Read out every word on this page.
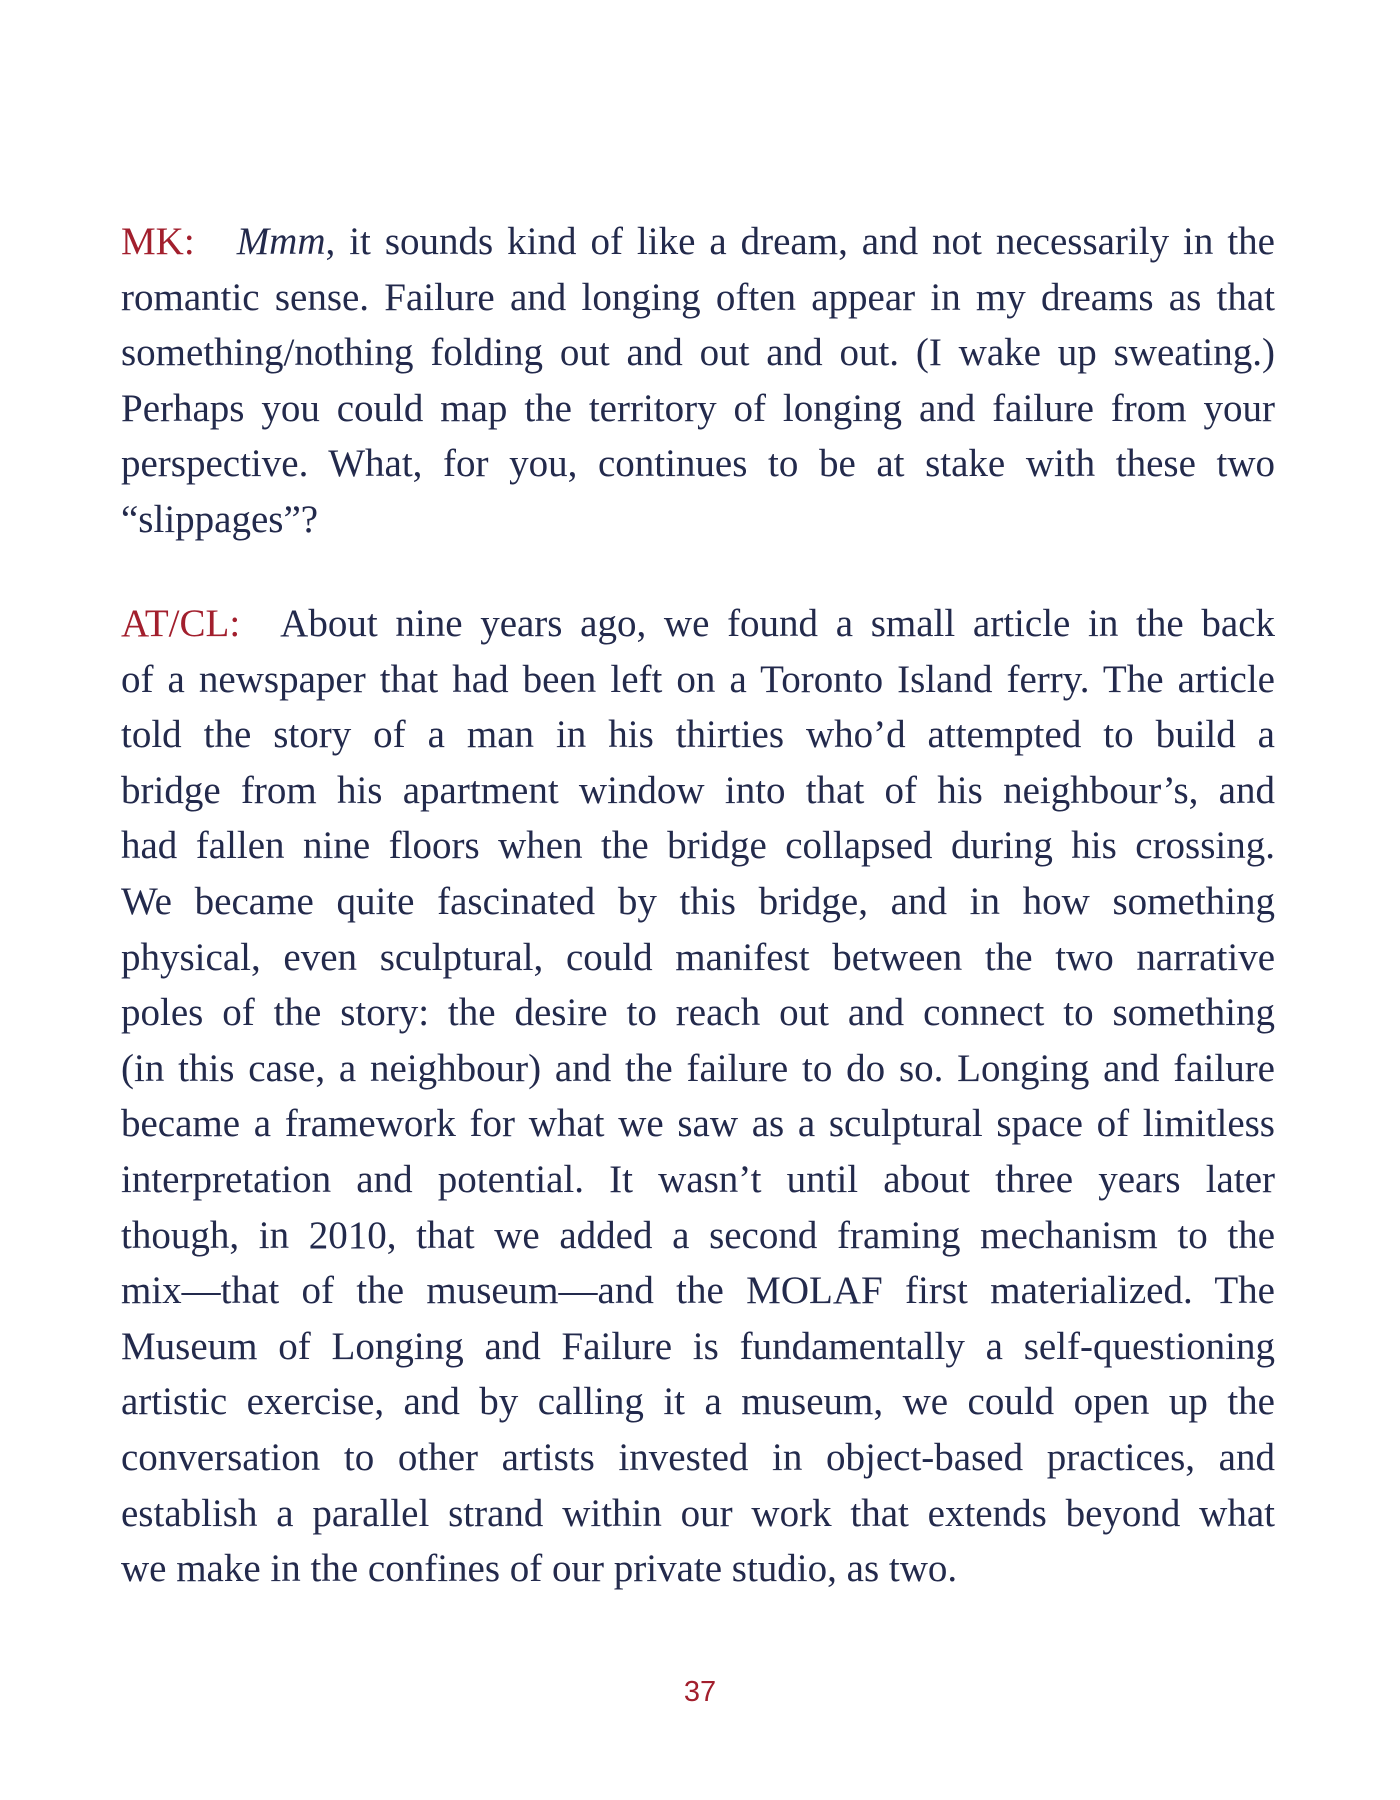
MK: Mmm, it sounds kind of like a dream, and not necessarily in the
romantic sense. Failure and longing often appear in my dreams as that
something/nothing folding out and out and out. (I wake up sweating.)
Perhaps you could map the territory of longing and failure from your
perspective. What, for you, continues to be at stake with these two
“slippages”?
AT/CL: About nine years ago, we found a small article in the back
of a newspaper that had been left on a Toronto Island ferry. The article
told the story of a man in his thirties who’d attempted to build a
bridge from his apartment window into that of his neighbour’s, and
had fallen nine floors when the bridge collapsed during his crossing.
We became quite fascinated by this bridge, and in how something
physical, even sculptural, could manifest between the two narrative
poles of the story: the desire to reach out and connect to something
(in this case, a neighbour) and the failure to do so. Longing and failure
became a framework for what we saw as a sculptural space of limitless
interpretation and potential. It wasn’t until about three years later
though, in 2010, that we added a second framing mechanism to the
mix—that of the museum—and the MOLAF first materialized. The
Museum of Longing and Failure is fundamentally a self-questioning
artistic exercise, and by calling it a museum, we could open up the
conversation to other artists invested in object-based practices, and
establish a parallel strand within our work that extends beyond what
we make in the confines of our private studio, as two.
37
